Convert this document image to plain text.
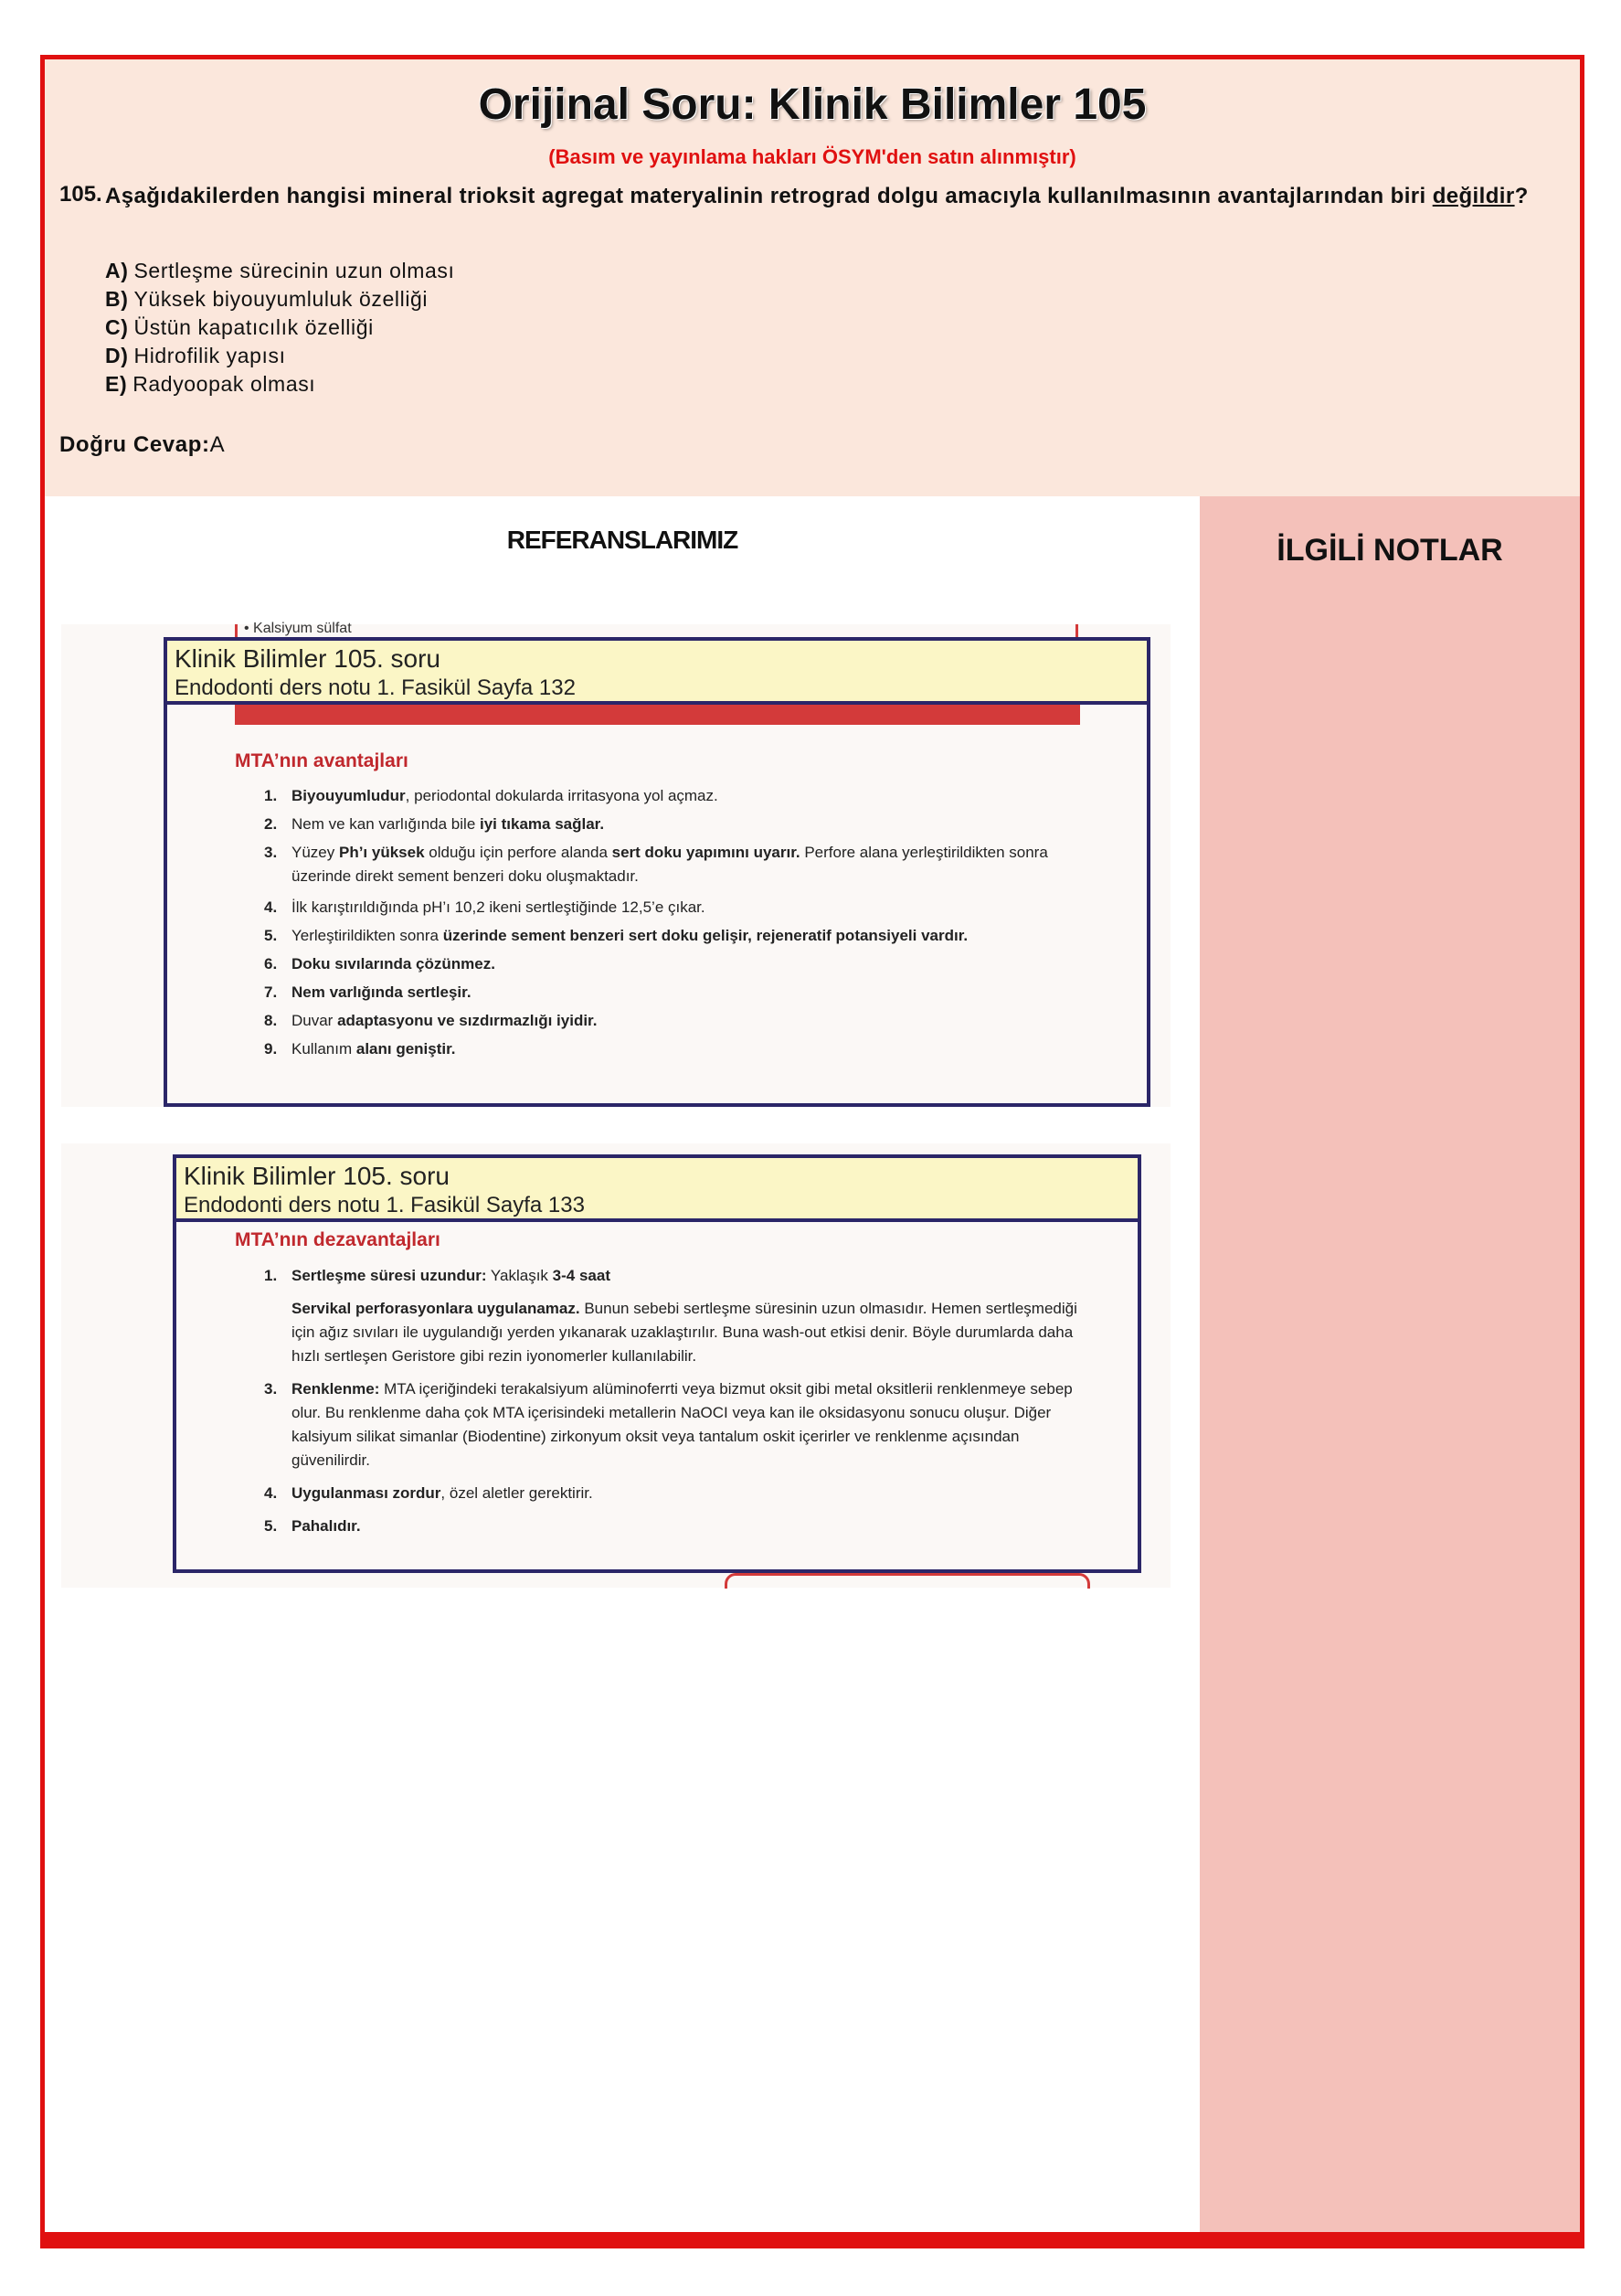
Orijinal Soru: Klinik Bilimler 105
(Basım ve yayınlama hakları ÖSYM'den satın alınmıştır)
105. Aşağıdakilerden hangisi mineral trioksit agregat materyalinin retrograd dolgu amacıyla kullanılmasının avantajlarından biri değildir?
A) Sertleşme sürecinin uzun olması
B) Yüksek biyouyumluluk özelliği
C) Üstün kapatıcılık özelliği
D) Hidrofilik yapısı
E) Radyoopak olması
Doğru Cevap:A
REFERANSLARIMIZ	İLGİLİ NOTLAR
• Kalsiyum sülfat
Klinik Bilimler 105. soru
Endodonti ders notu 1. Fasikül Sayfa 132
MTA’nın avantajları
1. Biyouyumludur, periodontal dokularda irritasyona yol açmaz.
2. Nem ve kan varlığında bile iyi tıkama sağlar.
3. Yüzey Ph’ı yüksek olduğu için perfore alanda sert doku yapımını uyarır. Perfore alana yerleştirildikten sonra üzerinde direkt sement benzeri doku oluşmaktadır.
4. İlk karıştırıldığında pH’ı 10,2 ikeni sertleştiğinde 12,5’e çıkar.
5. Yerleştirildikten sonra üzerinde sement benzeri sert doku gelişir, rejeneratif potansiyeli vardır.
6. Doku sıvılarında çözünmez.
7. Nem varlığında sertleşir.
8. Duvar adaptasyonu ve sızdırmazlığı iyidir.
9. Kullanım alanı geniştir.
Klinik Bilimler 105. soru
Endodonti ders notu 1. Fasikül Sayfa 133
MTA’nın dezavantajları
1. Sertleşme süresi uzundur: Yaklaşık 3-4 saat
Servikal perforasyonlara uygulanamaz. Bunun sebebi sertleşme süresinin uzun olmasıdır. Hemen sertleşmediği için ağız sıvıları ile uygulandığı yerden yıkanarak uzaklaştırılır. Buna wash-out etkisi denir. Böyle durumlarda daha hızlı sertleşen Geristore gibi rezin iyonomerler kullanılabilir.
3. Renklenme: MTA içeriğindeki terakalsiyum alüminoferrti veya bizmut oksit gibi metal oksitlerii renklenmeye sebep olur. Bu renklenme daha çok MTA içerisindeki metallerin NaOCI veya kan ile oksidasyonu sonucu oluşur. Diğer kalsiyum silikat simanlar (Biodentine) zirkonyum oksit veya tantalum oskit içerirler ve renklenme açısından güvenilirdir.
4. Uygulanması zordur, özel aletler gerektirir.
5. Pahalıdır.
